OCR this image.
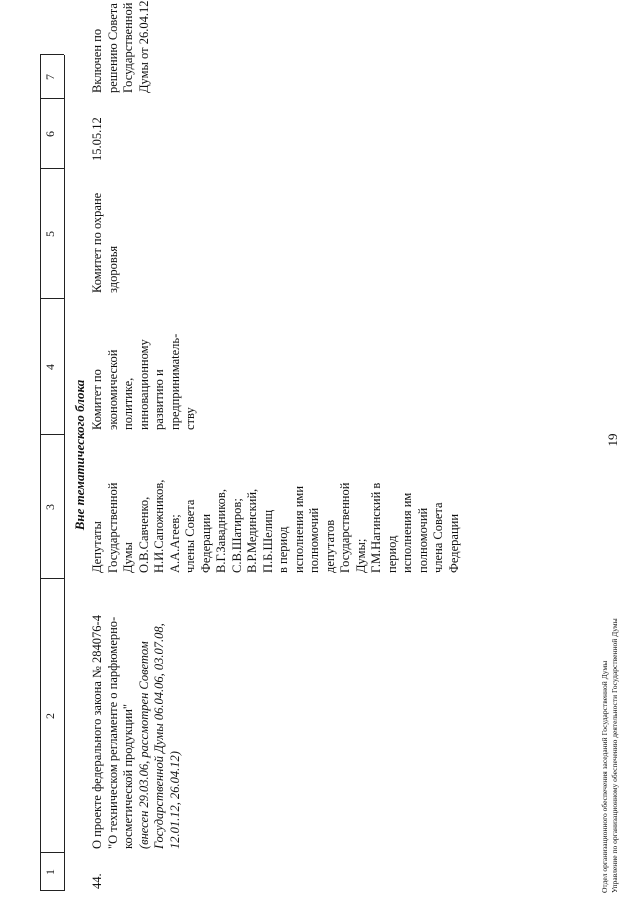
19
1
2
3
4
5
6
7
Вне тематического блока
44.
О проекте федерального закона № 284076-4 "О техническом регламенте о парфюмерно- косметической продукции" (внесен 29.03.06, рассмотрен Советом Государственной Думы 06.04.06, 03.07.08, 12.01.12, 26.04.12)
Депутаты Государственной Думы О.В.Савченко, Н.И.Сапожников, А.А.Агеев; члены Совета Федерации В.Г.Завадников, С.В.Шатиров; В.Р.Мединский, П.Б.Шелищ в период исполнения ими полномочий депутатов Государственной Думы; Г.М.Нагинский в период исполнения им полномочий члена Совета Федерации
Комитет по экономической политике, инновационному развитию и предпринимatель- ству
Комитет по охране здоровья
15.05.12
Включен по решению Совета Государственной Думы от 26.04.12
Отдел организационного обеспечения заседаний Государственной Думы Управление по организационному обеспечению деятельности Государственной Думы
